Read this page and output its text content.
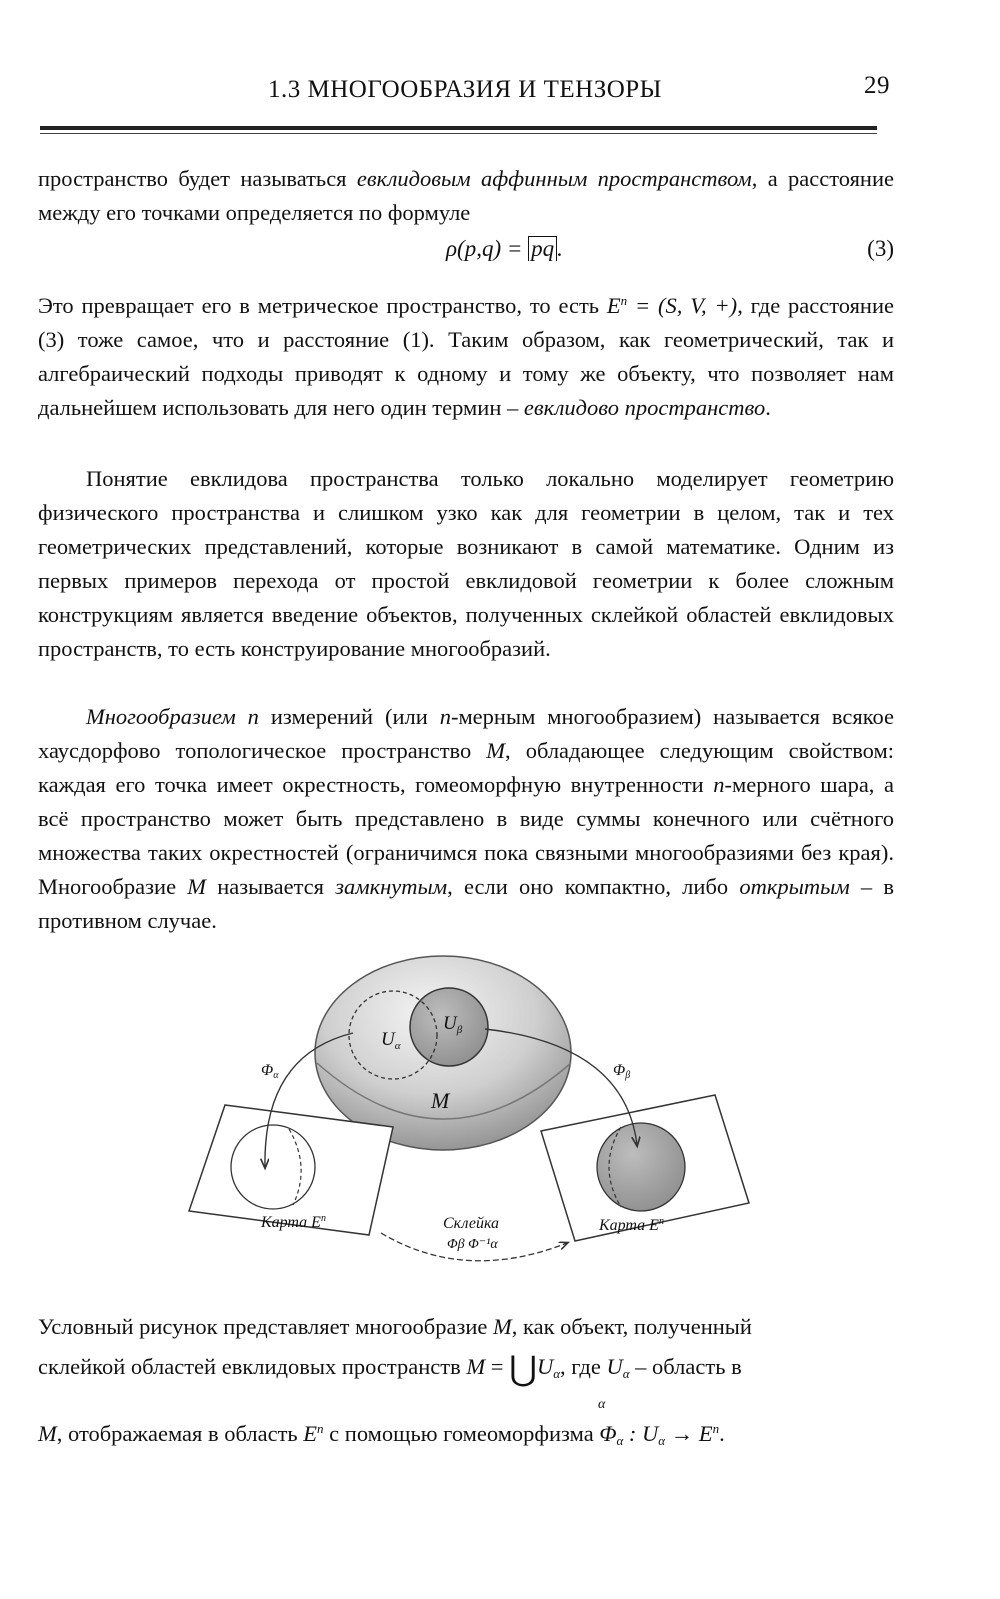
1.3 МНОГООБРАЗИЯ И ТЕНЗОРЫ	29

пространство будет называться евклидовым аффинным пространством, а расстояние между его точками определяется по формуле

ρ(p,q) = pq .	(3)

Это превращает его в метрическое пространство, то есть $E^n = (S$, V, +), где расстояние (3) тоже самое, что и расстояние (1). Таким образом, как геометрический, так и алгебраический подходы приводят к одному и тому же объекту, что позволяет нам дальнейшем использовать для него один термин – евклидово пространство.

Понятие евклидова пространства только локально моделирует геометрию физического пространства и слишком узко как для геометрии в целом, так и тех геометрических представлений, которые возникают в самой математике. Одним из первых примеров перехода от простой евклидовой геометрии к более сложным конструкциям является введение объектов, полученных склейкой областей евклидовых пространств, то есть конструирование многообразий.

Многообразием n измерений (или n-мерным многообразием) называется всякое хаусдорфово топологическое пространство M, обладающее следующим свойством: каждая его точка имеет окрестность, гомеоморфную внутренности n-мерного шара, а всё пространство может быть представлено в виде суммы конечного или счётного множества таких окрестностей (ограничимся пока связными многообразиями без края). Многообразие M называется замкнутым, если оно компактно, либо открытым – в противном случае.

$U_\alpha$
$U_\beta$
M
Карта $E^n$	Карта $E^n$
Φα	Φβ
Склейка
Φβ Φ⁻¹α
Условный рисунок представляет многообразие M, как объект, полученный
склейкой областей евклидовых пространств $M = ⋃U_\alpha$, где $U_\alpha$ – область в
α
M, отображаемая в область $E^n$ с помощью гомеоморфизма $\Phi_\alpha$ : $U_\alpha \to E^n$.
